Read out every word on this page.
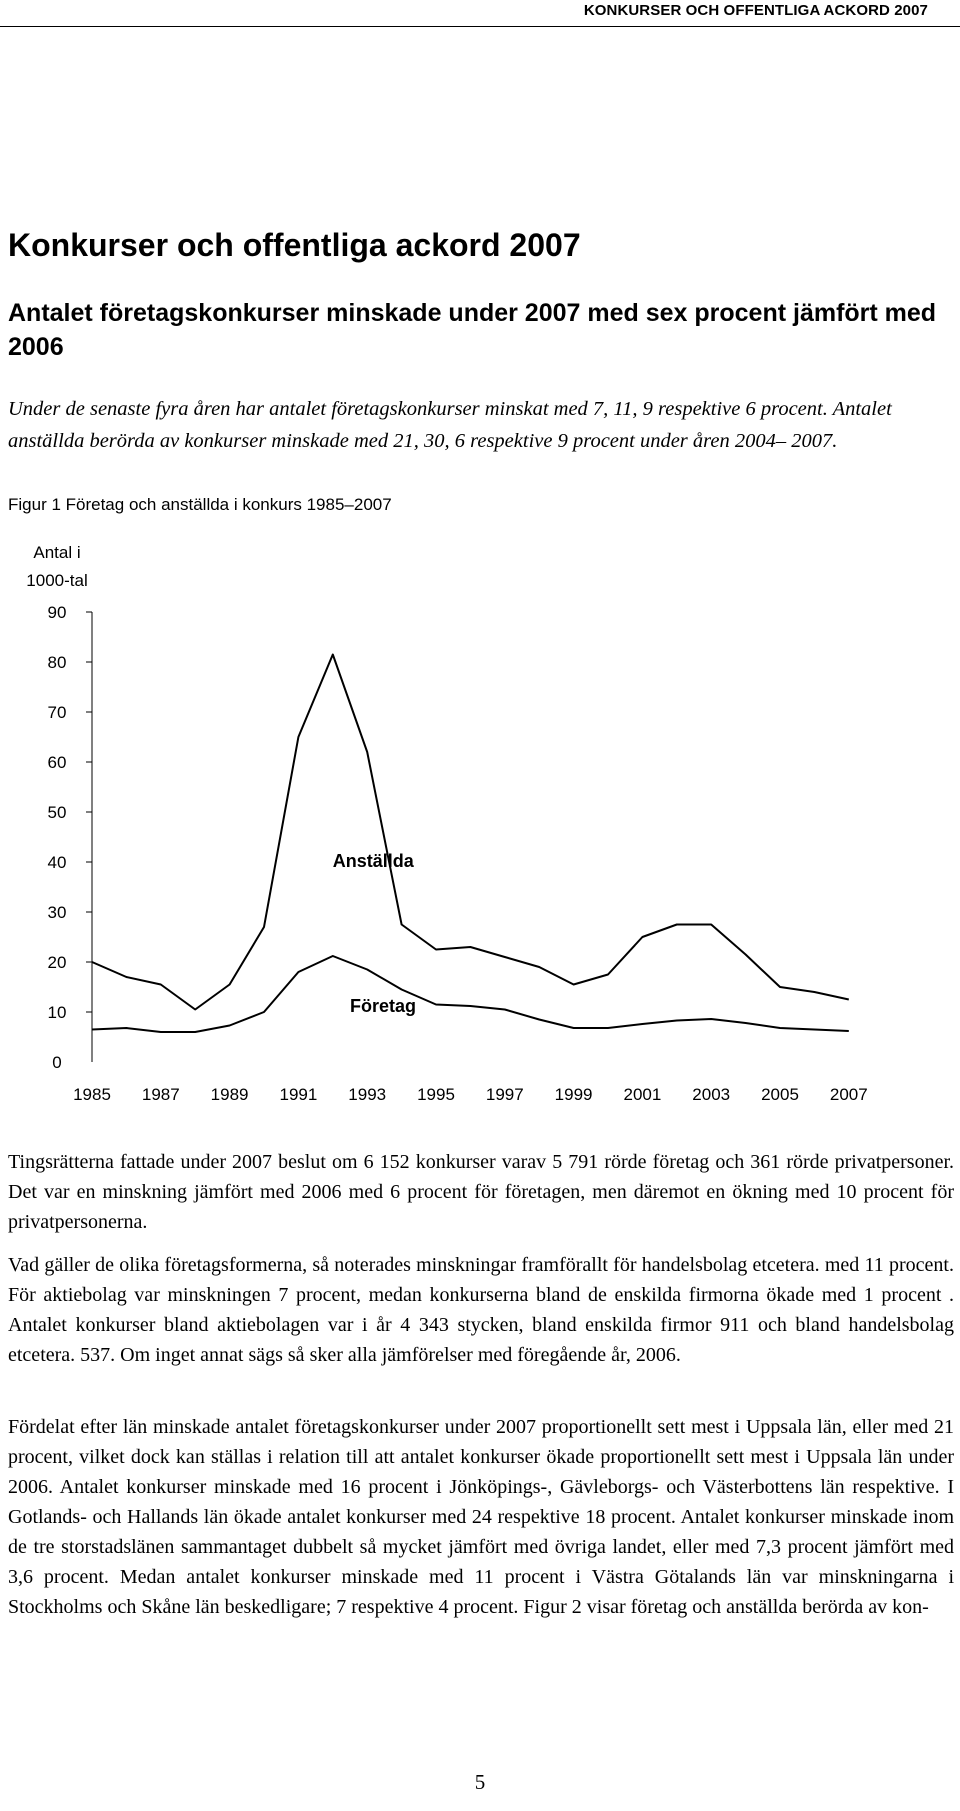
KONKURSER OCH OFFENTLIGA ACKORD 2007
Konkurser och offentliga ackord 2007
Antalet företagskonkurser minskade under 2007 med sex procent jämfört med 2006

Under de senaste fyra åren har antalet företagskonkurser minskat med 7, 11, 9 respektive 6 procent. Antalet anställda berörda av konkurser minskade med 21, 30, 6 respektive 9 procent under åren 2004– 2007.

Figur 1 Företag och anställda i konkurs 1985–2007

Antal i
1000-tal
0
10
20
30
40
50
60
70
80
90
1985 1987 1989 1991 1993 1995 1997 1999 2001 2003 2005 2007
Anställda
Företag

Tingsrätterna fattade under 2007 beslut om 6 152 konkurser varav 5 791 rörde företag och 361 rörde privatpersoner. Det var en minskning jämfört med 2006 med 6 procent för företagen, men däremot en ökning med 10 procent för privatpersonerna.

Vad gäller de olika företagsformerna, så noterades minskningar framförallt för handelsbolag etcetera. med 11 procent. För aktiebolag var minskningen 7 procent, medan konkurserna bland de enskilda firmorna ökade med 1 procent . Antalet konkurser bland aktiebolagen var i år 4 343 stycken, bland enskilda firmor 911 och bland handelsbolag etcetera. 537. Om inget annat sägs så sker alla jämförelser med föregående år, 2006.

Fördelat efter län minskade antalet företagskonkurser under 2007 proportionellt sett mest i Uppsala län, eller med 21 procent, vilket dock kan ställas i relation till att antalet konkurser ökade proportionellt sett mest i Uppsala län under 2006. Antalet konkurser minskade med 16 procent i Jönköpings-, Gävleborgs- och Västerbottens län respektive. I Gotlands- och Hallands län ökade antalet konkurser med 24 respektive 18 procent. Antalet konkurser minskade inom de tre storstadslänen sammantaget dubbelt så mycket jämfört med övriga landet, eller med 7,3 procent jämfört med 3,6 procent. Medan antalet konkurser minskade med 11 procent i Västra Götalands län var minskningarna i Stockholms och Skåne län beskedligare; 7 respektive 4 procent. Figur 2 visar företag och anställda berörda av kon-

5
